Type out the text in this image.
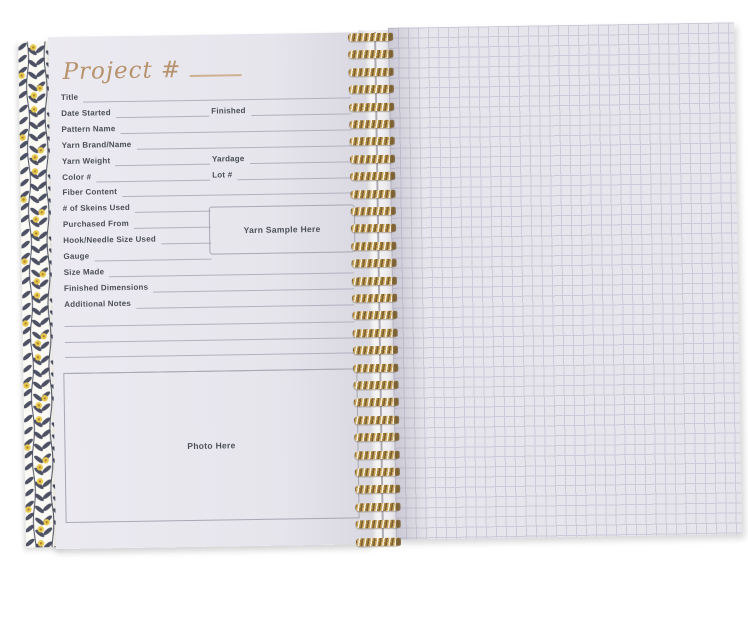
Project #
Title
Date Started	Finished
Pattern Name
Yarn Brand/Name
Yarn Weight	Yardage
Color #	Lot #
Fiber Content
# of Skeins Used
Purchased From
Hook/Needle Size Used
Gauge
Size Made
Finished Dimensions
Additional Notes
Yarn Sample Here
Photo Here
